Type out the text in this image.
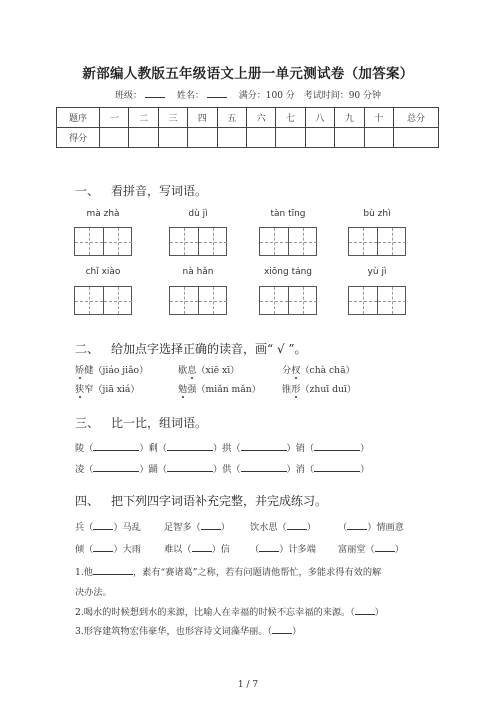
新部编人教版五年级语文上册一单元测试卷（加答案）
班级：	姓名：	满分：100 分 考试时间：90 分钟
题序	一	二	三	四	五	六	七	八	九	十	总分
得分											
一、 看拼音，写词语。
mà zhà	dù jì	tàn tīng	bù zhì
chǐ xiào	nà hǎn	xiōng táng	yù jì
二、 给加点字选择正确的读音，画“ √ ”。
矫健（jiáo jiǎo）	歇息（xiē xī）	分杈（chà chā）
狭窄（jiā xiá）	勉强（miǎn mǎn） 锥形（zhuī duī）
三、 比一比，组词语。
陵（	）剩（	）拱（	）销（	）
凌（	）踊（	）供（	）消（	）
四、 把下列四字词语补充完整，并完成练习。
兵（ ）马乱	足智多（ ） 饮水思（ ） （ ）情画意
倾（ ）大雨	难以（ ）信 （ ）计多端 富丽堂（ ）
1.他	，素有“赛诸葛”之称，若有问题请他帮忙，多能求得有效的解
决办法。
2.喝水的时候想到水的来源，比喻人在幸福的时候不忘幸福的来源。（ ）
3.形容建筑物宏伟豪华，也形容诗文词藻华丽。（ ）
1 / 7
